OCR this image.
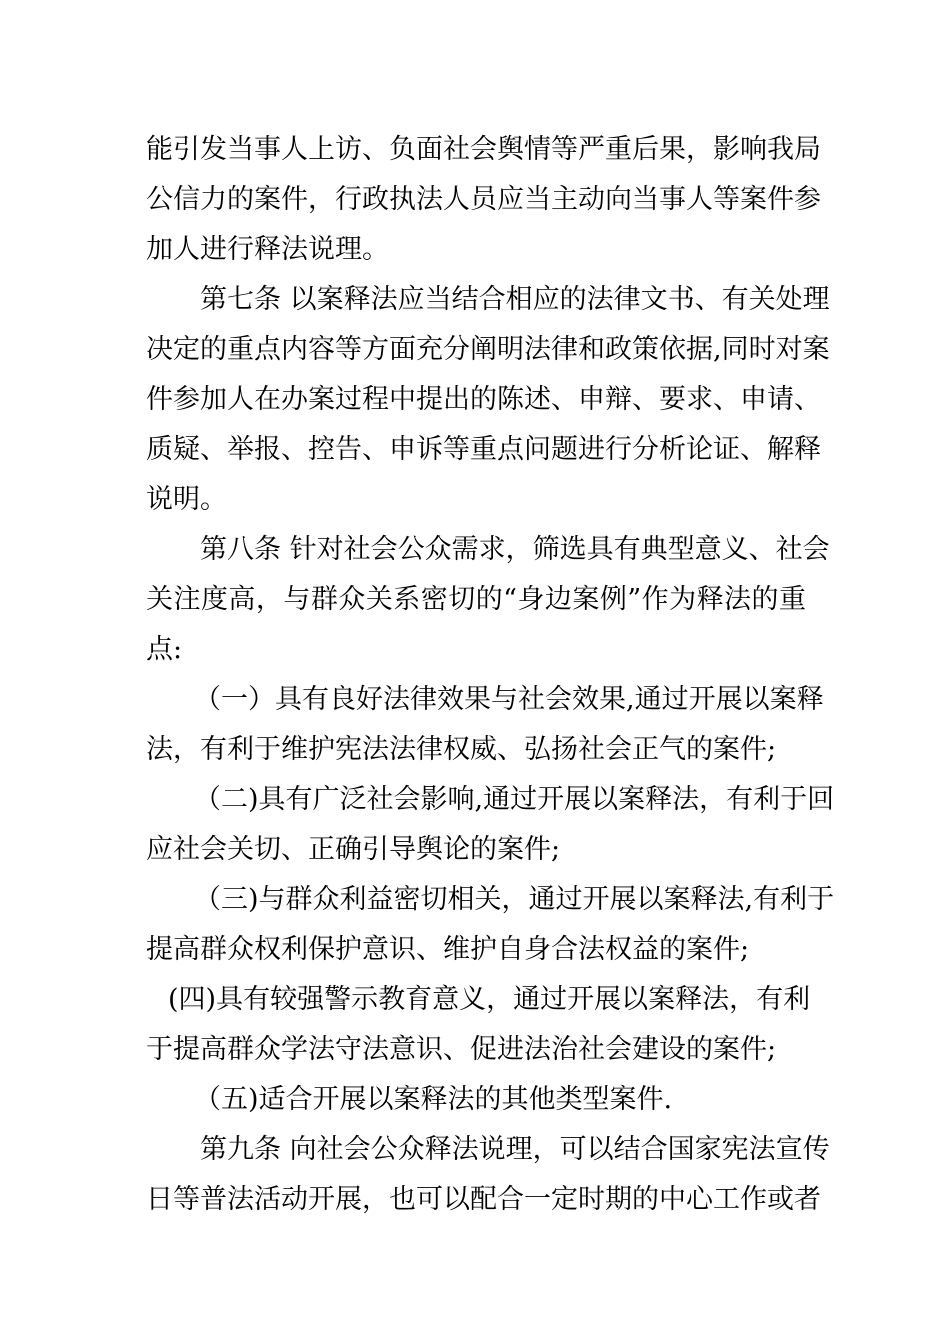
能引发当事人上访、负面社会舆情等严重后果，影响我局
公信力的案件，行政执法人员应当主动向当事人等案件参
加人进行释法说理。
第七条 以案释法应当结合相应的法律文书、有关处理
决定的重点内容等方面充分阐明法律和政策依据,同时对案
件参加人在办案过程中提出的陈述、申辩、要求、申请、
质疑、举报、控告、申诉等重点问题进行分析论证、解释
说明。
第八条 针对社会公众需求，筛选具有典型意义、社会
关注度高，与群众关系密切的“身边案例”作为释法的重
点:
（一）具有良好法律效果与社会效果,通过开展以案释
法，有利于维护宪法法律权威、弘扬社会正气的案件;
（二)具有广泛社会影响,通过开展以案释法，有利于回
应社会关切、正确引导舆论的案件;
（三)与群众利益密切相关，通过开展以案释法,有利于
提高群众权利保护意识、维护自身合法权益的案件;
(四)具有较强警示教育意义，通过开展以案释法，有利
于提高群众学法守法意识、促进法治社会建设的案件;
（五)适合开展以案释法的其他类型案件.
第九条 向社会公众释法说理，可以结合国家宪法宣传
日等普法活动开展，也可以配合一定时期的中心工作或者
